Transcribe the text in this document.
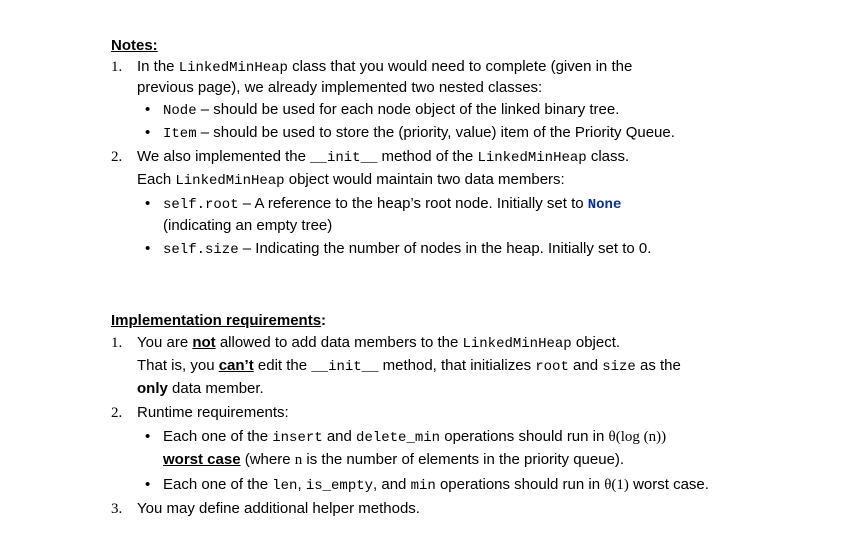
Notes:
1. In the LinkedMinHeap class that you would need to complete (given in the
previous page), we already implemented two nested classes:
• Node – should be used for each node object of the linked binary tree.
• Item – should be used to store the (priority, value) item of the Priority Queue.
2. We also implemented the __init__ method of the LinkedMinHeap class.
Each LinkedMinHeap object would maintain two data members:
• self.root – A reference to the heap’s root node. Initially set to None
(indicating an empty tree)
• self.size – Indicating the number of nodes in the heap. Initially set to 0.
Implementation requirements:
1. You are not allowed to add data members to the LinkedMinHeap object.
That is, you can’t edit the __init__ method, that initializes root and size as the
only data member.
2. Runtime requirements:
• Each one of the insert and delete_min operations should run in θ(log (n))
worst case (where n is the number of elements in the priority queue).
• Each one of the len, is_empty, and min operations should run in θ(1) worst case.
3. You may define additional helper methods.
